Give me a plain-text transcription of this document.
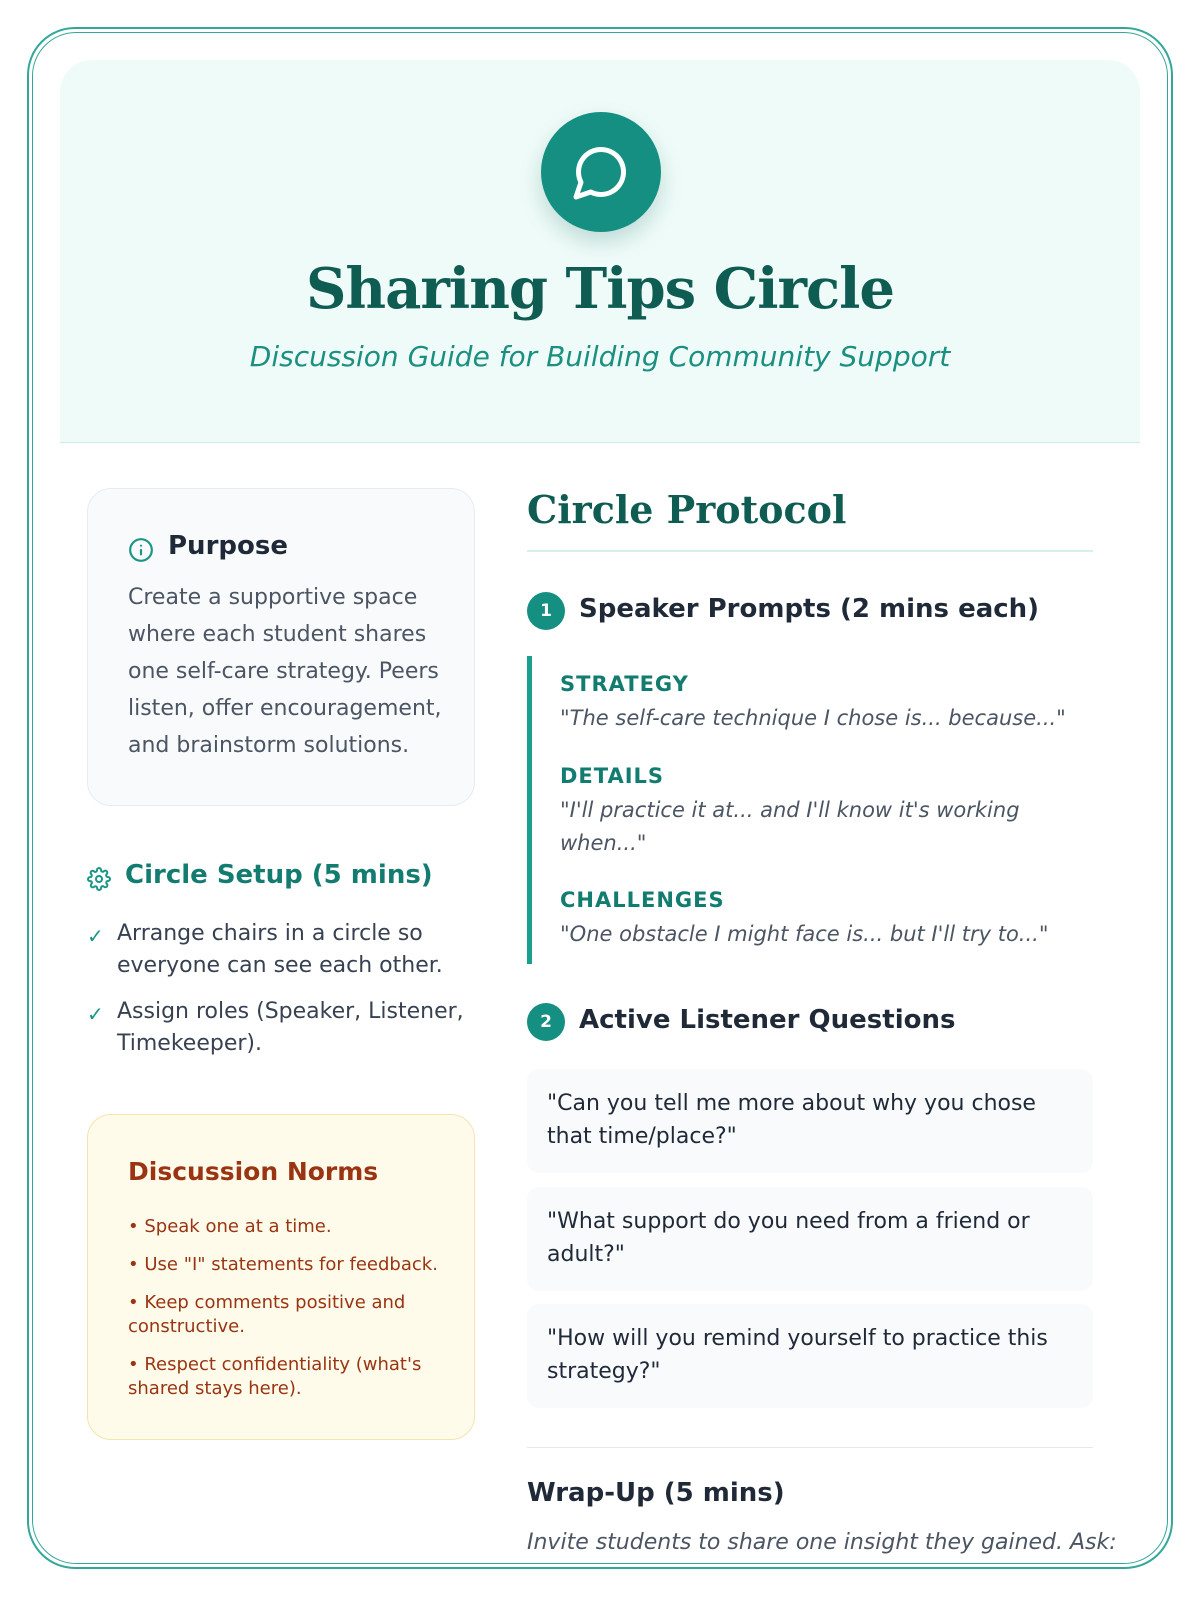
Sharing Tips Circle
Discussion Guide for Building Community Support
Purpose
Create a supportive space where each student shares one self-care strategy. Peers listen, offer encouragement, and brainstorm solutions.
Circle Setup (5 mins)
✓ Arrange chairs in a circle so everyone can see each other.
✓ Assign roles (Speaker, Listener, Timekeeper).
Discussion Norms
• Speak one at a time.
• Use "I" statements for feedback.
• Keep comments positive and constructive.
• Respect confidentiality (what's shared stays here).
Circle Protocol
1	Speaker Prompts (2 mins each)
STRATEGY
"The self-care technique I chose is... because..."
DETAILS
"I'll practice it at... and I'll know it's working when..."
CHALLENGES
"One obstacle I might face is... but I'll try to..."
2	Active Listener Questions
"Can you tell me more about why you chose that time/place?"
"What support do you need from a friend or adult?"
"How will you remind yourself to practice this strategy?"
Wrap-Up (5 mins)
Invite students to share one insight they gained. Ask:
